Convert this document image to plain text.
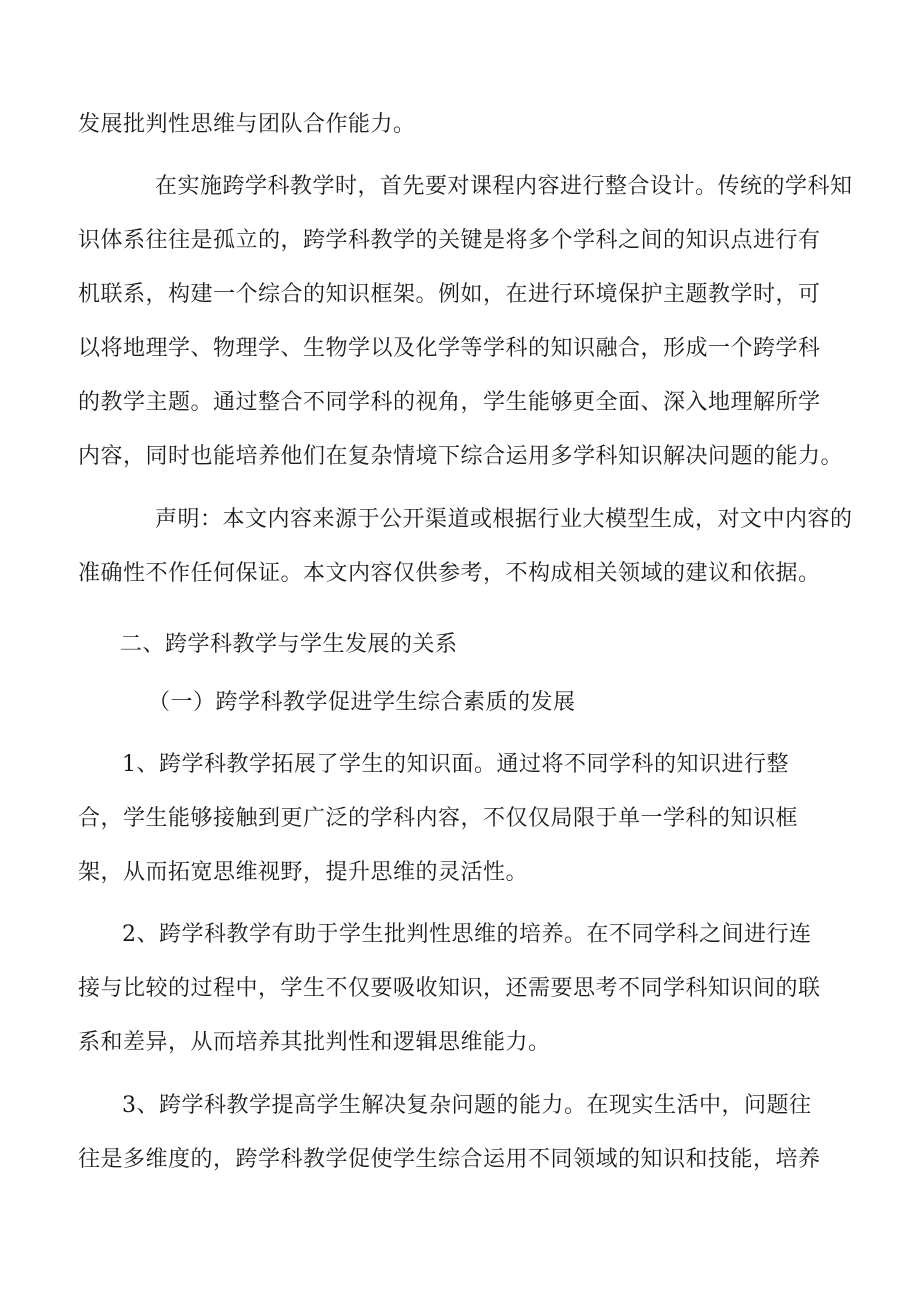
发展批判性思维与团队合作能力。

在实施跨学科教学时，首先要对课程内容进行整合设计。传统的学科知

识体系往往是孤立的，跨学科教学的关键是将多个学科之间的知识点进行有

机联系，构建一个综合的知识框架。例如，在进行环境保护主题教学时，可

以将地理学、物理学、生物学以及化学等学科的知识融合，形成一个跨学科

的教学主题。通过整合不同学科的视角，学生能够更全面、深入地理解所学

内容，同时也能培养他们在复杂情境下综合运用多学科知识解决问题的能力。

声明：本文内容来源于公开渠道或根据行业大模型生成，对文中内容的

准确性不作任何保证。本文内容仅供参考，不构成相关领域的建议和依据。

二、跨学科教学与学生发展的关系

（一）跨学科教学促进学生综合素质的发展

1、跨学科教学拓展了学生的知识面。通过将不同学科的知识进行整

合，学生能够接触到更广泛的学科内容，不仅仅局限于单一学科的知识框

架，从而拓宽思维视野，提升思维的灵活性。

2、跨学科教学有助于学生批判性思维的培养。在不同学科之间进行连

接与比较的过程中，学生不仅要吸收知识，还需要思考不同学科知识间的联

系和差异，从而培养其批判性和逻辑思维能力。

3、跨学科教学提高学生解决复杂问题的能力。在现实生活中，问题往

往是多维度的，跨学科教学促使学生综合运用不同领域的知识和技能，培养
